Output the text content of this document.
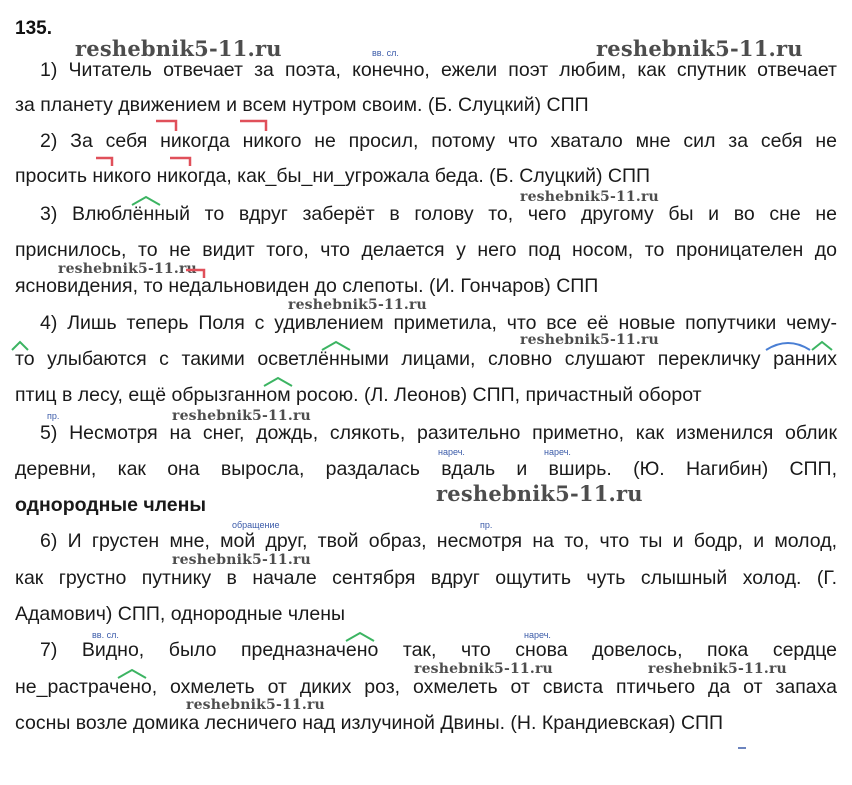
135.
1) Читатель отвечает за поэта, конечно, ежели поэт любим, как спутник отвечает
за планету движением и всем нутром своим. (Б. Слуцкий) СПП
2) За себя никогда никого не просил, потому что хватало мне сил за себя не
просить никого никогда, как_бы_ни_угрожала беда. (Б. Слуцкий) СПП
3) Влюблённый то вдруг заберёт в голову то, чего другому бы и во сне не
приснилось, то не видит того, что делается у него под носом, то проницателен до
ясновидения, то недальновиден до слепоты. (И. Гончаров) СПП
4) Лишь теперь Поля с удивлением приметила, что все её новые попутчики чему-
то улыбаются с такими осветлёнными лицами, словно слушают перекличку ранних
птиц в лесу, ещё обрызганном росою. (Л. Леонов) СПП, причастный оборот
5) Несмотря на снег, дождь, слякоть, разительно приметно, как изменился облик
деревни, как она выросла, раздалась вдаль и вширь. (Ю. Нагибин) СПП,
однородные члены
6) И грустен мне, мой друг, твой образ, несмотря на то, что ты и бодр, и молод,
как грустно путнику в начале сентября вдруг ощутить чуть слышный холод. (Г.
Адамович) СПП, однородные члены
7) Видно, было предназначено так, что снова довелось, пока сердце
не_растрачено, охмелеть от диких роз, охмелеть от свиста птичьего да от запаха
сосны возле домика лесничего над излучиной Двины. (Н. Крандиевская) СПП
вв. сл.
пр.
нареч.	нареч.
обращение	пр.
вв. сл.	нареч.
reshebnik5-11.ru	reshebnik5-11.ru
reshebnik5-11.ru
reshebnik5-11.ru
reshebnik5-11.ru
reshebnik5-11.ru
reshebnik5-11.ru
reshebnik5-11.ru
reshebnik5-11.ru
reshebnik5-11.ru	reshebnik5-11.ru
reshebnik5-11.ru
